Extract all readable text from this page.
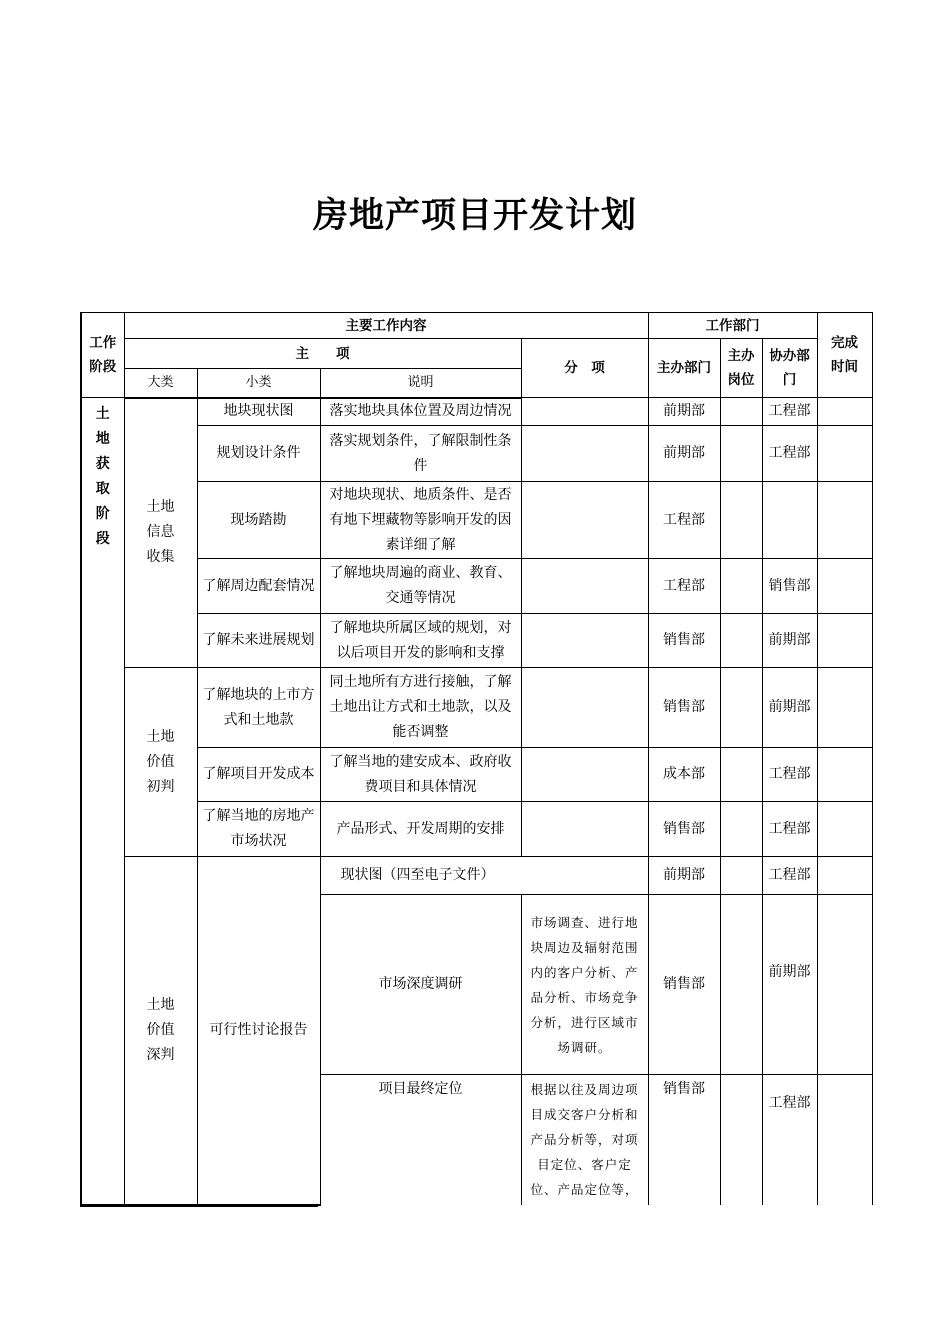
房地产项目开发计划
工作阶段	主要工作内容				工作部门			完成时间
	主　　项			分　项	主办部门	主办岗位	协办部门	
	大类	小类	说明					

土地获取阶段	土地信息收集	地块现状图	落实地块具体位置及周边情况		前期部		工程部	
		规划设计条件	落实规划条件，了解限制性条件		前期部		工程部	
		现场踏勘	对地块现状、地质条件、是否有地下埋藏物等影响开发的因素详细了解		工程部			
		了解周边配套情况	了解地块周遍的商业、教育、交通等情况		工程部		销售部	
		了解未来进展规划	了解地块所属区域的规划，对以后项目开发的影响和支撑		销售部		前期部	
	土地价值初判	了解地块的上市方式和土地款	同土地所有方进行接触，了解土地出让方式和土地款，以及能否调整		销售部		前期部	
		了解项目开发成本	了解当地的建安成本、政府收费项目和具体情况		成本部		工程部	
		了解当地的房地产市场状况	产品形式、开发周期的安排		销售部		工程部	
	土地价值深判	可行性讨论报告	现状图（四至电子文件）		前期部		工程部	
			市场深度调研	市场调查、进行地块周边及辐射范围内的客户分析、产品分析、市场竞争分析，进行区域市场调研。	销售部		前期部	
			项目最终定位	根据以往及周边项目成交客户分析和产品分析等，对项目定位、客户定位、产品定位等，	销售部		工程部	
